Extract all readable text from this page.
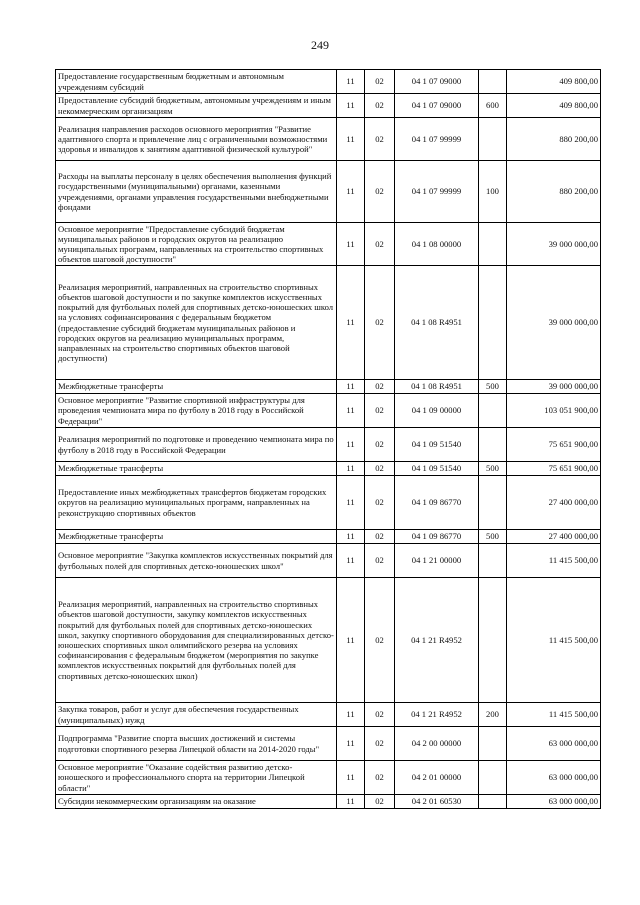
249
Предоставление государственным бюджетным и автономным учреждениям субсидий	11	02	04 1 07 09000		409 800,00
Предоставление субсидий бюджетным, автономным учреждениям и иным некоммерческим организациям	11	02	04 1 07 09000	600	409 800,00
Реализация направления расходов основного мероприятия "Развитие адаптивного спорта и привлечение лиц с ограниченными возможностями здоровья и инвалидов к занятиям адаптивной физической культурой"	11	02	04 1 07 99999		880 200,00
Расходы на выплаты персоналу в целях обеспечения выполнения функций государственными (муниципальными) органами, казенными учреждениями, органами управления государственными внебюджетными фондами	11	02	04 1 07 99999	100	880 200,00
Основное мероприятие "Предоставление субсидий бюджетам муниципальных районов и городских округов на реализацию муниципальных программ, направленных на строительство спортивных объектов шаговой доступности"	11	02	04 1 08 00000		39 000 000,00
Реализация мероприятий, направленных на строительство спортивных объектов шаговой доступности и по закупке комплектов искусственных покрытий для футбольных полей для спортивных детско-юношеских школ на условиях софинансирования с федеральным бюджетом (предоставление субсидий бюджетам муниципальных районов и городских округов на реализацию муниципальных программ, направленных на строительство спортивных объектов шаговой доступности)	11	02	04 1 08 R4951		39 000 000,00
Межбюджетные трансферты	11	02	04 1 08 R4951	500	39 000 000,00
Основное мероприятие "Развитие спортивной инфраструктуры для проведения чемпионата мира по футболу в 2018 году в Российской Федерации"	11	02	04 1 09 00000		103 051 900,00
Реализация мероприятий по подготовке и проведению чемпионата мира по футболу в 2018 году в Российской Федерации	11	02	04 1 09 51540		75 651 900,00
Межбюджетные трансферты	11	02	04 1 09 51540	500	75 651 900,00
Предоставление иных межбюджетных трансфертов бюджетам городских округов на реализацию муниципальных программ, направленных на реконструкцию спортивных объектов	11	02	04 1 09 86770		27 400 000,00
Межбюджетные трансферты	11	02	04 1 09 86770	500	27 400 000,00
Основное мероприятие "Закупка комплектов искусственных покрытий для футбольных полей для спортивных детско-юношеских школ"	11	02	04 1 21 00000		11 415 500,00
Реализация мероприятий, направленных на строительство спортивных объектов шаговой доступности, закупку комплектов искусственных покрытий для футбольных полей для спортивных детско-юношеских школ, закупку спортивного оборудования для специализированных детско-юношеских спортивных школ олимпийского резерва на условиях софинансирования с федеральным бюджетом (мероприятия по закупке комплектов искусственных покрытий для футбольных полей для спортивных детско-юношеских школ)	11	02	04 1 21 R4952		11 415 500,00
Закупка товаров, работ и услуг для обеспечения государственных (муниципальных) нужд	11	02	04 1 21 R4952	200	11 415 500,00
Подпрограмма "Развитие спорта высших достижений и системы подготовки спортивного резерва Липецкой области на 2014-2020 годы"	11	02	04 2 00 00000		63 000 000,00
Основное мероприятие "Оказание содействия развитию детско-юношеского и профессионального спорта на территории Липецкой области"	11	02	04 2 01 00000		63 000 000,00
Субсидии некоммерческим организациям на оказание	11	02	04 2 01 60530		63 000 000,00
